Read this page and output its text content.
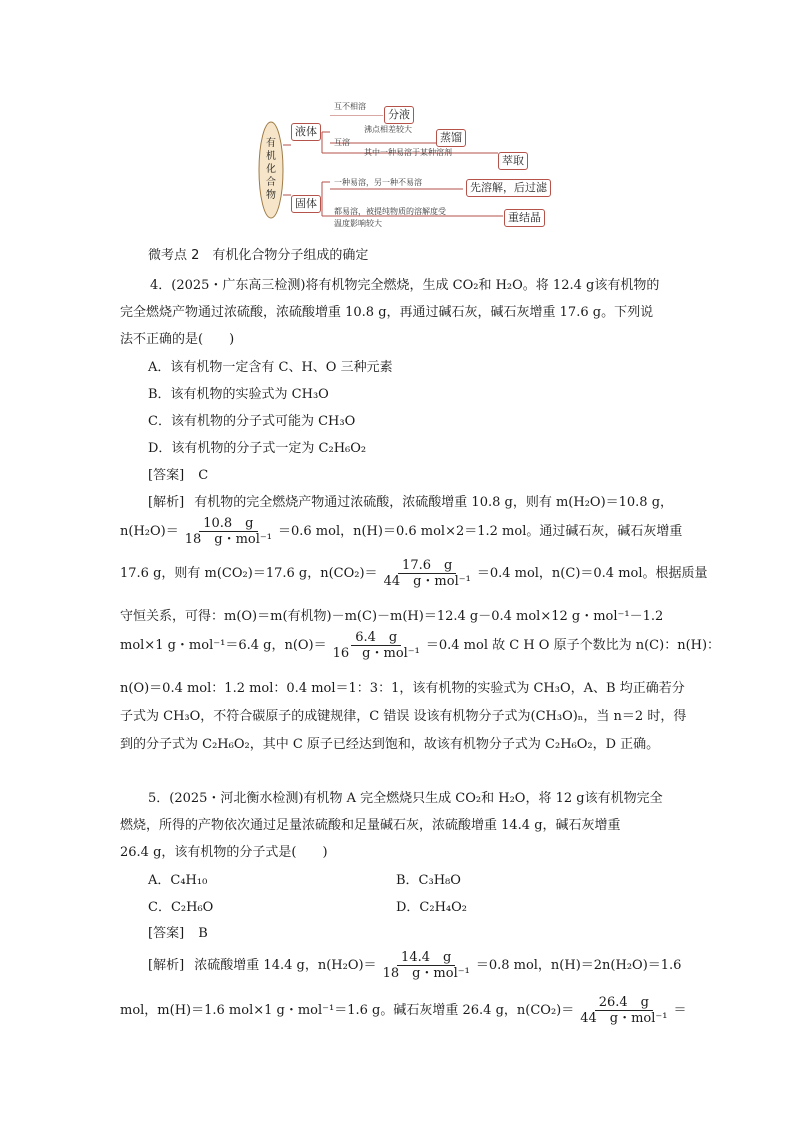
有机化合物
液体
固体
互不相溶
互溶
沸点相差较大
其中一种易溶于某种溶剂
一种易溶，另一种不易溶
都易溶，被提纯物质的溶解度受
温度影响较大
分液
蒸馏
萃取
先溶解，后过滤
重结晶
微考点 2　有机化合物分子组成的确定
4．(2025・广东高三检测)将有机物完全燃烧，生成 CO₂和 H₂O。将 12.4 g该有机物的
完全燃烧产物通过浓硫酸，浓硫酸增重 10.8 g，再通过碱石灰，碱石灰增重 17.6 g。下列说
法不正确的是(　　)
A．该有机物一定含有 C、H、O 三种元素
B．该有机物的实验式为 CH₃O
C．该有机物的分子式可能为 CH₃O
D．该有机物的分子式一定为 C₂H₆O₂
[答案] C
[解析] 有机物的完全燃烧产物通过浓硫酸，浓硫酸增重 10.8 g，则有 m(H₂O)＝10.8 g，
$n(H_2O)= \frac{10.8 g}{\text{18　g・mol⁻¹}} =0.6$ mol，n(H)＝0.6 mol×2＝1.2 mol。通过碱石灰，碱石灰增重
17.6 g，则有 m(CO₂)＝17.6 g，$n(CO_2)= \frac{17.6 g}{\text{44　g・mol⁻¹}} =0.4$ mol，n(C)＝0.4 mol。根据质量
守恒关系，可得：m(O)＝m(有机物)－m(C)－m(H)＝12.4 g－0.4 mol×12 g・mol⁻¹－1.2
mol×1 g・mol⁻¹＝6.4 g，$n(O)= \frac{6.4 g}{\text{16　g・mol⁻¹}} =0.4$ mol 故 C H O 原子个数比为 n(C)：n(H)：
n(O)＝0.4 mol：1.2 mol：0.4 mol＝1：3：1，该有机物的实验式为 CH₃O，A、B 均正确若分
子式为 CH₃O，不符合碳原子的成键规律，C 错误 设该有机物分子式为(CH₃O)ₙ，当 n＝2 时，得
到的分子式为 C₂H₆O₂，其中 C 原子已经达到饱和，故该有机物分子式为 C₂H₆O₂，D 正确。
5．(2025・河北衡水检测)有机物 A 完全燃烧只生成 CO₂和 H₂O，将 12 g该有机物完全
燃烧，所得的产物依次通过足量浓硫酸和足量碱石灰，浓硫酸增重 14.4 g，碱石灰增重
26.4 g，该有机物的分子式是(　　)
A．C₄H₁₀	B．C₃H₈O
C．C₂H₆O	D．C₂H₄O₂
[答案] B
[解析] 浓硫酸增重 14.4 g，$n(H_2O)= \frac{14.4 g}{\text{18　g・mol⁻¹}} =0.8$ mol，n(H)＝2n(H₂O)＝1.6
mol，m(H)＝1.6 mol×1 g・mol⁻¹＝1.6 g。碱石灰增重 26.4 g，$n(CO_2)= \frac{26.4 g}{\text{44　g・mol⁻¹}}$ ＝
